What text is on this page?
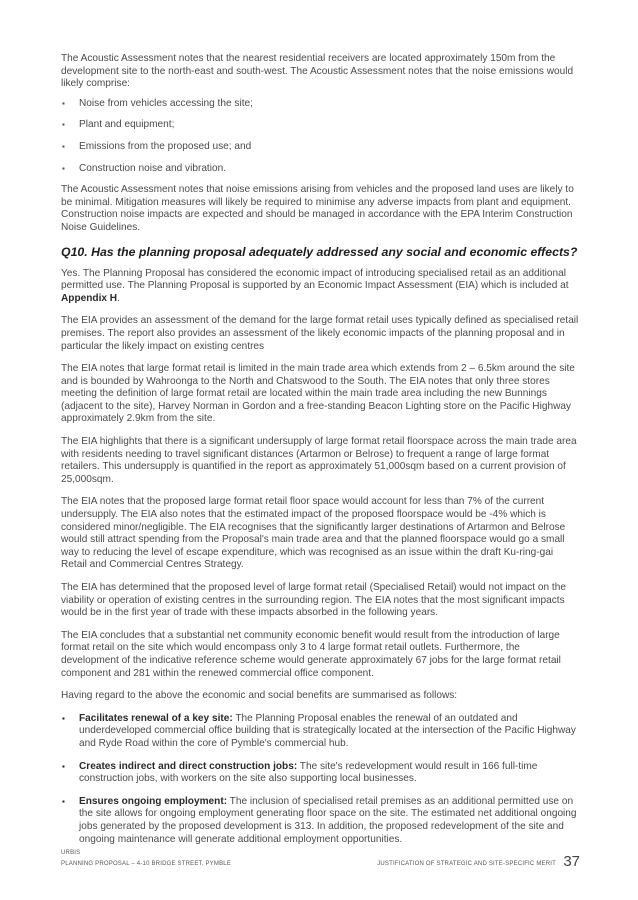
The Acoustic Assessment notes that the nearest residential receivers are located approximately 150m from the development site to the north-east and south-west. The Acoustic Assessment notes that the noise emissions would likely comprise:

▪ Noise from vehicles accessing the site;
▪ Plant and equipment;
▪ Emissions from the proposed use; and
▪ Construction noise and vibration.

The Acoustic Assessment notes that noise emissions arising from vehicles and the proposed land uses are likely to be minimal. Mitigation measures will likely be required to minimise any adverse impacts from plant and equipment. Construction noise impacts are expected and should be managed in accordance with the EPA Interim Construction Noise Guidelines.

Q10. Has the planning proposal adequately addressed any social and economic effects?

Yes. The Planning Proposal has considered the economic impact of introducing specialised retail as an additional permitted use. The Planning Proposal is supported by an Economic Impact Assessment (EIA) which is included at Appendix H.

The EIA provides an assessment of the demand for the large format retail uses typically defined as specialised retail premises. The report also provides an assessment of the likely economic impacts of the planning proposal and in particular the likely impact on existing centres

The EIA notes that large format retail is limited in the main trade area which extends from 2 – 6.5km around the site and is bounded by Wahroonga to the North and Chatswood to the South. The EIA notes that only three stores meeting the definition of large format retail are located within the main trade area including the new Bunnings (adjacent to the site), Harvey Norman in Gordon and a free-standing Beacon Lighting store on the Pacific Highway approximately 2.9km from the site.

The EIA highlights that there is a significant undersupply of large format retail floorspace across the main trade area with residents needing to travel significant distances (Artarmon or Belrose) to frequent a range of large format retailers. This undersupply is quantified in the report as approximately 51,000sqm based on a current provision of 25,000sqm.

The EIA notes that the proposed large format retail floor space would account for less than 7% of the current undersupply. The EIA also notes that the estimated impact of the proposed floorspace would be -4% which is considered minor/negligible. The EIA recognises that the significantly larger destinations of Artarmon and Belrose would still attract spending from the Proposal's main trade area and that the planned floorspace would go a small way to reducing the level of escape expenditure, which was recognised as an issue within the draft Ku-ring-gai Retail and Commercial Centres Strategy.

The EIA has determined that the proposed level of large format retail (Specialised Retail) would not impact on the viability or operation of existing centres in the surrounding region. The EIA notes that the most significant impacts would be in the first year of trade with these impacts absorbed in the following years.

The EIA concludes that a substantial net community economic benefit would result from the introduction of large format retail on the site which would encompass only 3 to 4 large format retail outlets. Furthermore, the development of the indicative reference scheme would generate approximately 67 jobs for the large format retail component and 281 within the renewed commercial office component.

Having regard to the above the economic and social benefits are summarised as follows:

▪ Facilitates renewal of a key site: The Planning Proposal enables the renewal of an outdated and underdeveloped commercial office building that is strategically located at the intersection of the Pacific Highway and Ryde Road within the core of Pymble's commercial hub.
▪ Creates indirect and direct construction jobs: The site's redevelopment would result in 166 full-time construction jobs, with workers on the site also supporting local businesses.
▪ Ensures ongoing employment: The inclusion of specialised retail premises as an additional permitted use on the site allows for ongoing employment generating floor space on the site. The estimated net additional ongoing jobs generated by the proposed development is 313. In addition, the proposed redevelopment of the site and ongoing maintenance will generate additional employment opportunities.
URBIS
PLANNING PROPOSAL – 4-10 BRIDGE STREET, PYMBLE	JUSTIFICATION OF STRATEGIC AND SITE-SPECIFIC MERIT 37
